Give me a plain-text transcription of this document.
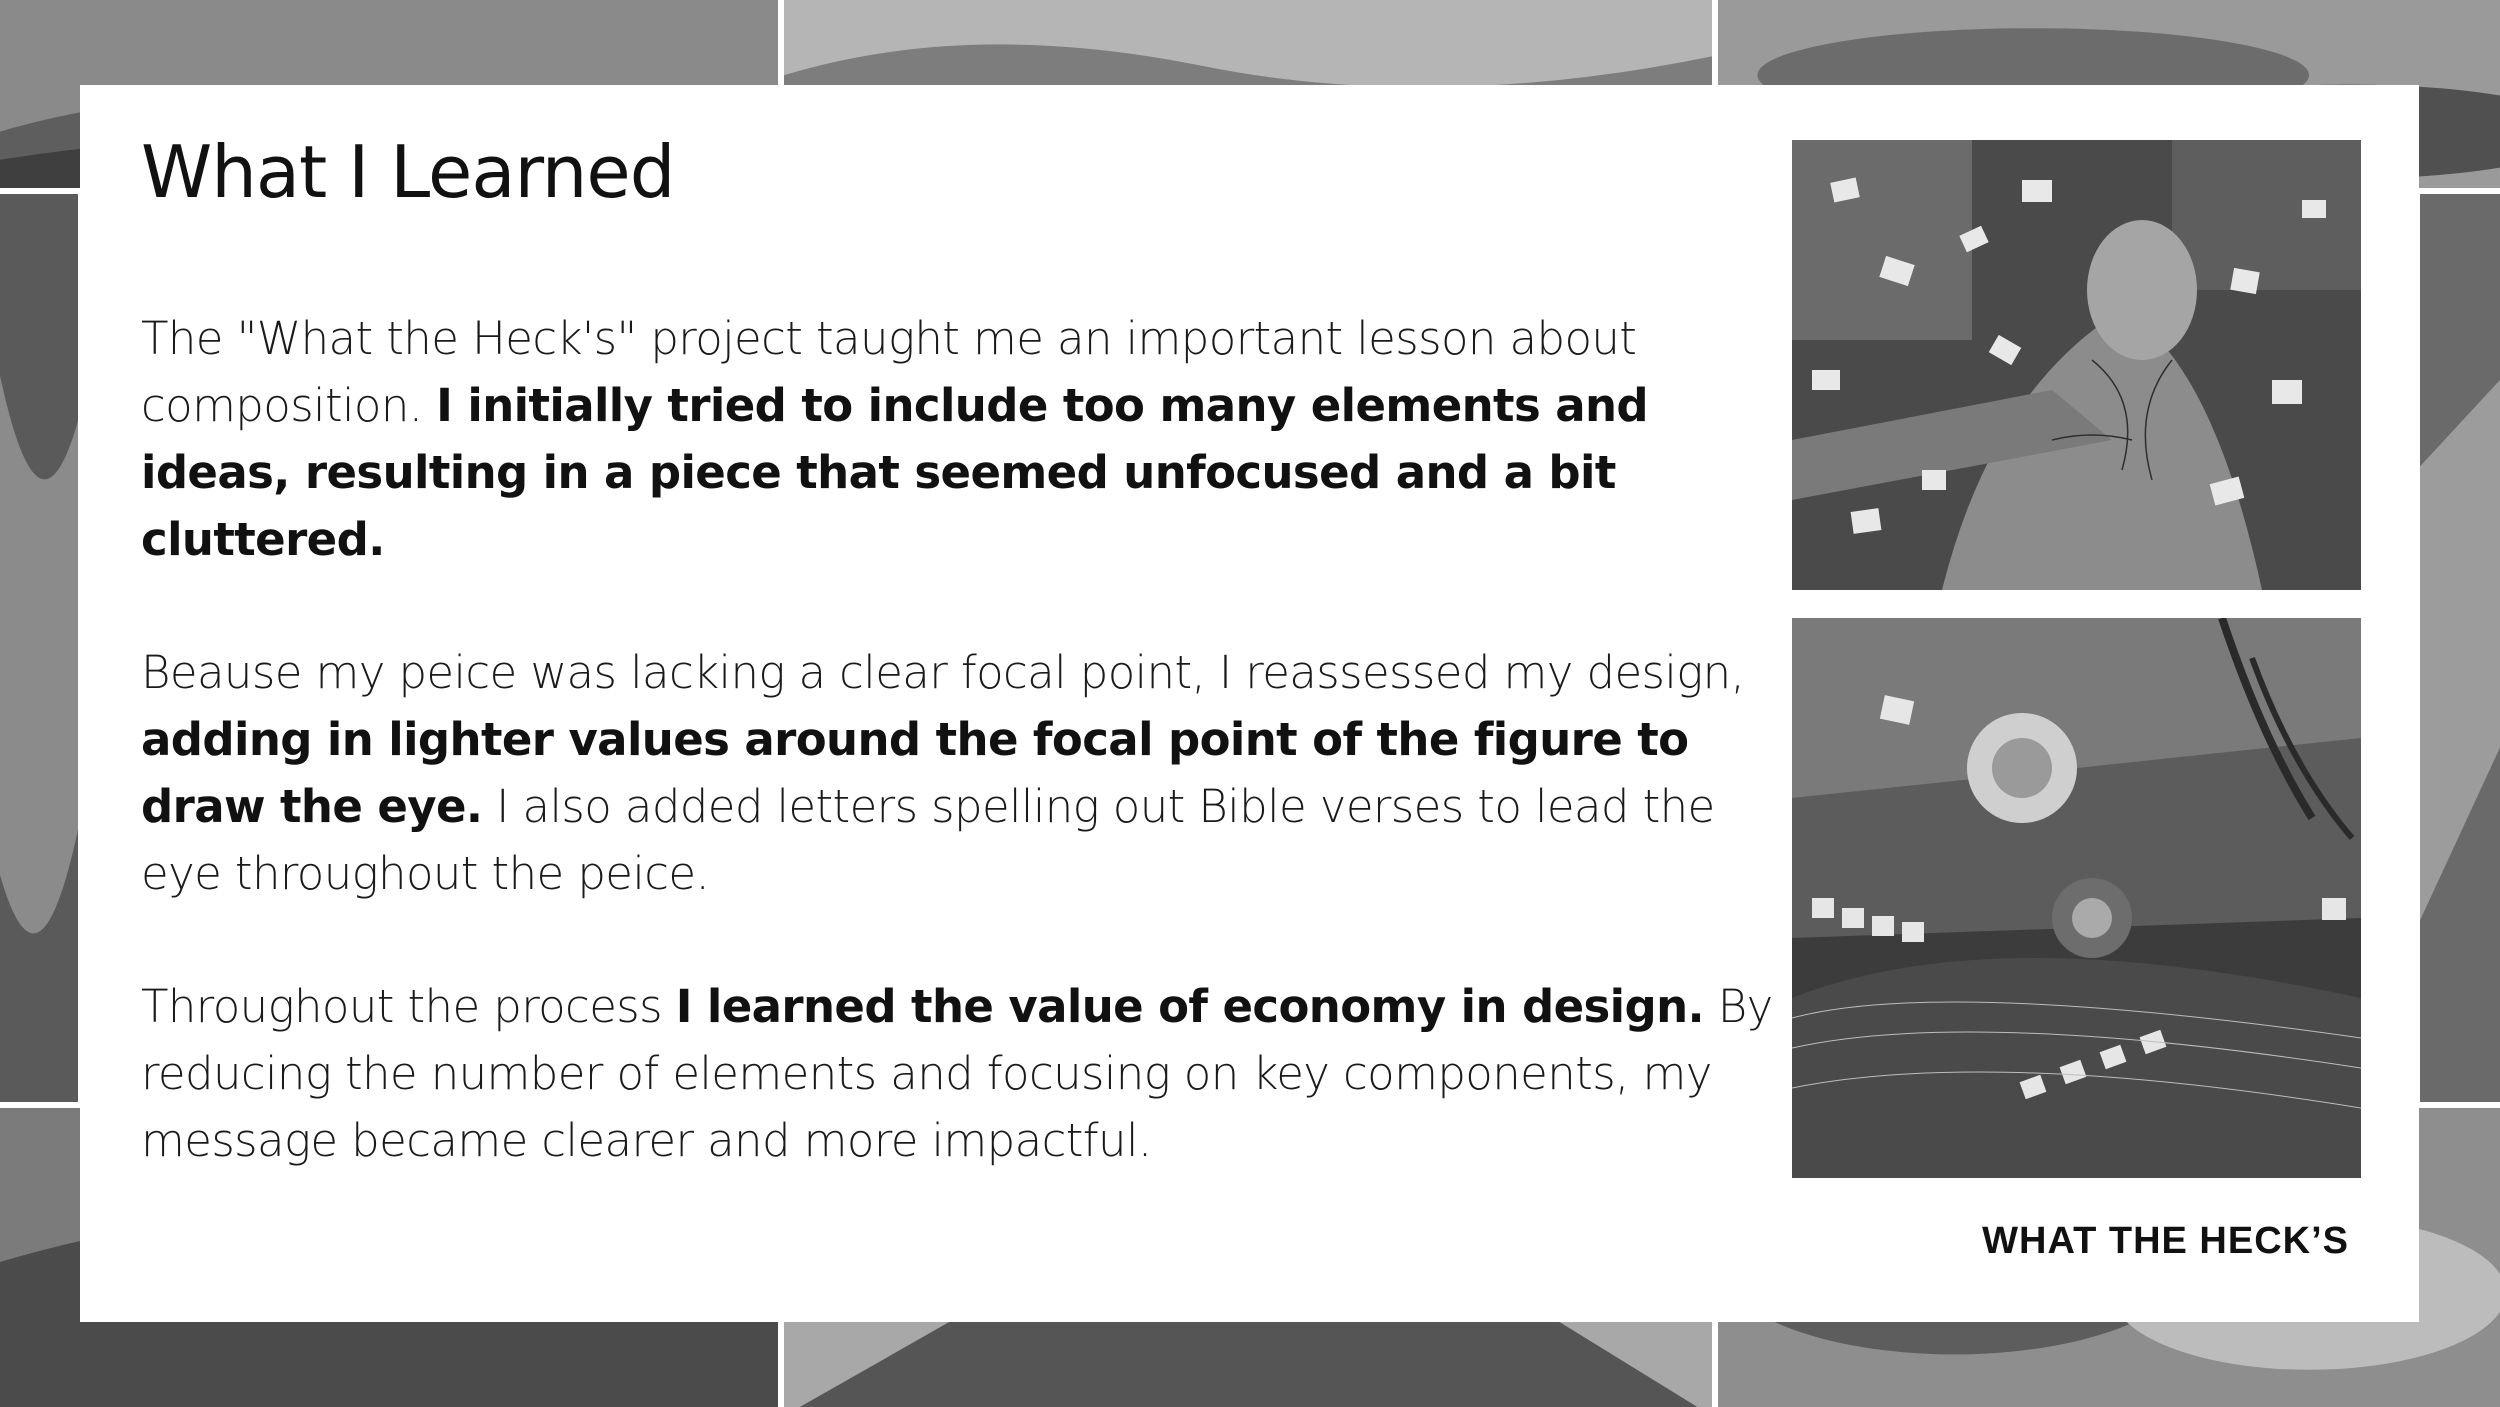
What I Learned

The "What the Heck's" project taught me an important lesson about composition. I initially tried to include too many elements and ideas, resulting in a piece that seemed unfocused and a bit cluttered.

Beause my peice was lacking a clear focal point, I reassessed my design, adding in lighter values around the focal point of the figure to draw the eye. I also added letters spelling out Bible verses to lead the eye throughout the peice.

Throughout the process I learned the value of economy in design. By reducing the number of elements and focusing on key components, my message became clearer and more impactful.

WHAT THE HECK’S
